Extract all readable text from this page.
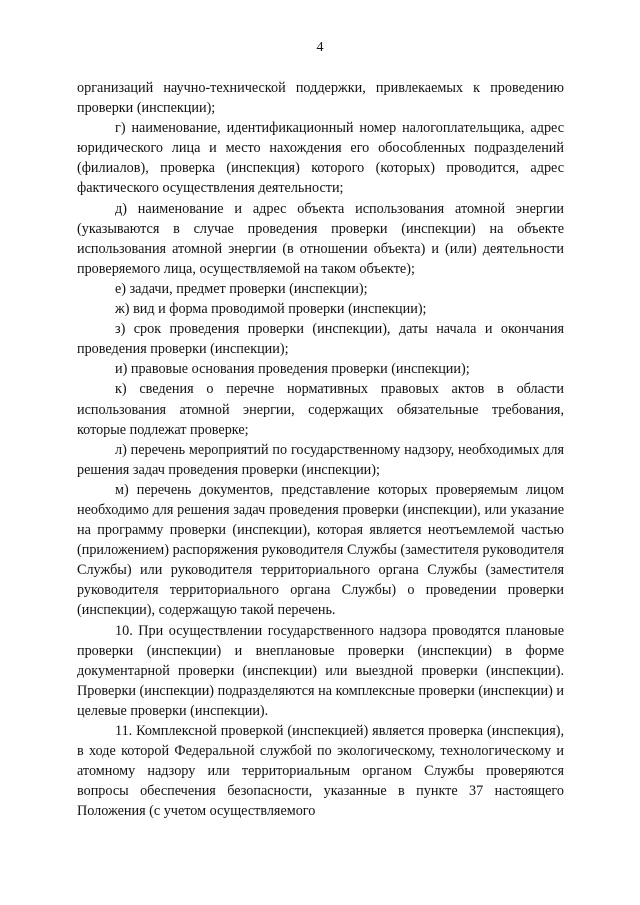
4

организаций научно-технической поддержки, привлекаемых к проведению проверки (инспекции);

г) наименование, идентификационный номер налогоплательщика, адрес юридического лица и место нахождения его обособленных подразделений (филиалов), проверка (инспекция) которого (которых) проводится, адрес фактического осуществления деятельности;

д) наименование и адрес объекта использования атомной энергии (указываются в случае проведения проверки (инспекции) на объекте использования атомной энергии (в отношении объекта) и (или) деятельности проверяемого лица, осуществляемой на таком объекте);

е) задачи, предмет проверки (инспекции);

ж) вид и форма проводимой проверки (инспекции);

з) срок проведения проверки (инспекции), даты начала и окончания проведения проверки (инспекции);

и) правовые основания проведения проверки (инспекции);

к) сведения о перечне нормативных правовых актов в области использования атомной энергии, содержащих обязательные требования, которые подлежат проверке;

л) перечень мероприятий по государственному надзору, необходимых для решения задач проведения проверки (инспекции);

м) перечень документов, представление которых проверяемым лицом необходимо для решения задач проведения проверки (инспекции), или указание на программу проверки (инспекции), которая является неотъемлемой частью (приложением) распоряжения руководителя Службы (заместителя руководителя Службы) или руководителя территориального органа Службы (заместителя руководителя территориального органа Службы) о проведении проверки (инспекции), содержащую такой перечень.

10. При осуществлении государственного надзора проводятся плановые проверки (инспекции) и внеплановые проверки (инспекции) в форме документарной проверки (инспекции) или выездной проверки (инспекции). Проверки (инспекции) подразделяются на комплексные проверки (инспекции) и целевые проверки (инспекции).

11. Комплексной проверкой (инспекцией) является проверка (инспекция), в ходе которой Федеральной службой по экологическому, технологическому и атомному надзору или территориальным органом Службы проверяются вопросы обеспечения безопасности, указанные в пункте 37 настоящего Положения (с учетом осуществляемого
